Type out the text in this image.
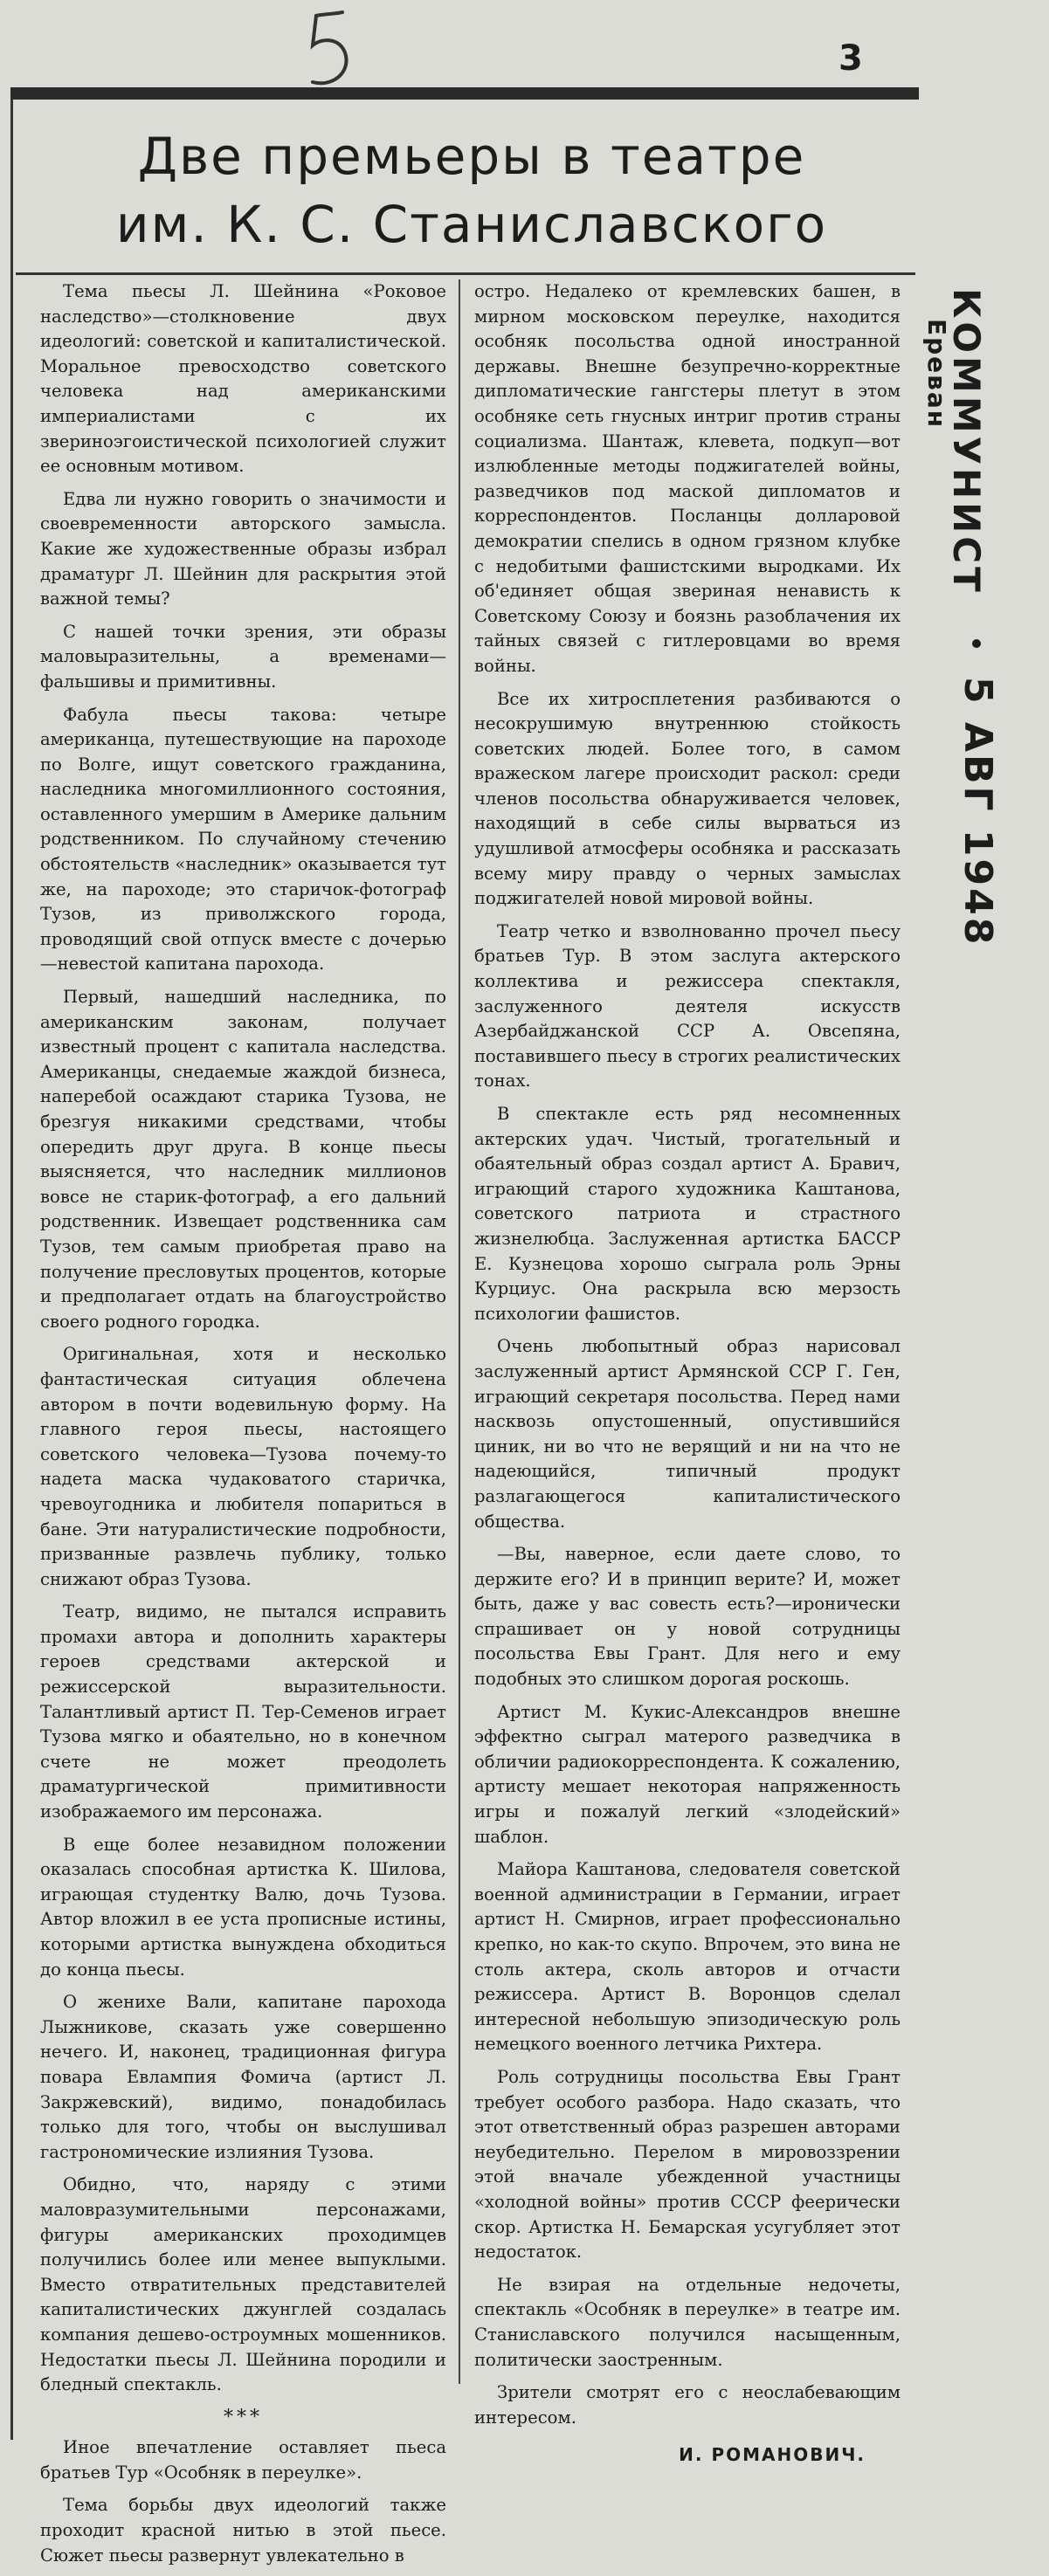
3
Две премьеры в театре
им. К. С. Станиславского

Тема пьесы Л. Шейнина «Роковое наследство»—столкновение двух идеологий: советской и капиталистической. Моральное превосходство советского человека над американскими империалистами с их звериноэгоистической психологией служит ее основным мотивом.

Едва ли нужно говорить о значимости и своевременности авторского замысла. Какие же художественные образы избрал драматург Л. Шейнин для раскрытия этой важной темы?

С нашей точки зрения, эти образы маловыразительны, а временами—фальшивы и примитивны.

Фабула пьесы такова: четыре американца, путешествующие на пароходе по Волге, ищут советского гражданина, наследника многомиллионного состояния, оставленного умершим в Америке дальним родственником. По случайному стечению обстоятельств «наследник» оказывается тут же, на пароходе; это старичок-фотограф Тузов, из приволжского города, проводящий свой отпуск вместе с дочерью—невестой капитана парохода.

Первый, нашедший наследника, по американским законам, получает известный процент с капитала наследства. Американцы, снедаемые жаждой бизнеса, наперебой осаждают старика Тузова, не брезгуя никакими средствами, чтобы опередить друг друга. В конце пьесы выясняется, что наследник миллионов вовсе не старик-фотограф, а его дальний родственник. Извещает родственника сам Тузов, тем самым приобретая право на получение пресловутых процентов, которые и предполагает отдать на благоустройство своего родного городка.

Оригинальная, хотя и несколько фантастическая ситуация облечена автором в почти водевильную форму. На главного героя пьесы, настоящего советского человека—Тузова почему-то надета маска чудаковатого старичка, чревоугодника и любителя попариться в бане. Эти натуралистические подробности, призванные развлечь публику, только снижают образ Тузова.

Театр, видимо, не пытался исправить промахи автора и дополнить характеры героев средствами актерской и режиссерской выразительности. Талантливый артист П. Тер-Семенов играет Тузова мягко и обаятельно, но в конечном счете не может преодолеть драматургической примитивности изображаемого им персонажа.

В еще более незавидном положении оказалась способная артистка К. Шилова, играющая студентку Валю, дочь Тузова. Автор вложил в ее уста прописные истины, которыми артистка вынуждена обходиться до конца пьесы.

О женихе Вали, капитане парохода Лыжникове, сказать уже совершенно нечего. И, наконец, традиционная фигура повара Евлампия Фомича (артист Л. Закржевский), видимо, понадобилась только для того, чтобы он выслушивал гастрономические излияния Тузова.

Обидно, что, наряду с этими маловразумительными персонажами, фигуры американских проходимцев получились более или менее выпуклыми. Вместо отвратительных представителей капиталистических джунглей создалась компания дешево-остроумных мошенников. Недостатки пьесы Л. Шейнина породили и бледный спектакль.

***

Иное впечатление оставляет пьеса братьев Тур «Особняк в переулке».

Тема борьбы двух идеологий также проходит красной нитью в этой пьесе. Сюжет пьесы развернут увлекательно в

остро. Недалеко от кремлевских башен, в мирном московском переулке, находится особняк посольства одной иностранной державы. Внешне безупречно-корректные дипломатические гангстеры плетут в этом особняке сеть гнусных интриг против страны социализма. Шантаж, клевета, подкуп—вот излюбленные методы поджигателей войны, разведчиков под маской дипломатов и корреспондентов. Посланцы долларовой демократии спелись в одном грязном клубке с недобитыми фашистскими выродками. Их об'единяет общая звериная ненависть к Советскому Союзу и боязнь разоблачения их тайных связей с гитлеровцами во время войны.

Все их хитросплетения разбиваются о несокрушимую внутреннюю стойкость советских людей. Более того, в самом вражеском лагере происходит раскол: среди членов посольства обнаруживается человек, находящий в себе силы вырваться из удушливой атмосферы особняка и рассказать всему миру правду о черных замыслах поджигателей новой мировой войны.

Театр четко и взволнованно прочел пьесу братьев Тур. В этом заслуга актерского коллектива и режиссера спектакля, заслуженного деятеля искусств Азербайджанской ССР А. Овсепяна, поставившего пьесу в строгих реалистических тонах.

В спектакле есть ряд несомненных актерских удач. Чистый, трогательный и обаятельный образ создал артист А. Бравич, играющий старого художника Каштанова, советского патриота и страстного жизнелюбца. Заслуженная артистка БАССР Е. Кузнецова хорошо сыграла роль Эрны Курциус. Она раскрыла всю мерзость психологии фашистов.

Очень любопытный образ нарисовал заслуженный артист Армянской ССР Г. Ген, играющий секретаря посольства. Перед нами насквозь опустошенный, опустившийся циник, ни во что не верящий и ни на что не надеющийся, типичный продукт разлагающегося капиталистического общества.

—Вы, наверное, если даете слово, то держите его? И в принцип верите? И, может быть, даже у вас совесть есть?—иронически спрашивает он у новой сотрудницы посольства Евы Грант. Для него и ему подобных это слишком дорогая роскошь.

Артист М. Кукис-Александров внешне эффектно сыграл матерого разведчика в обличии радиокорреспондента. К сожалению, артисту мешает некоторая напряженность игры и пожалуй легкий «злодейский» шаблон.

Майора Каштанова, следователя советской военной администрации в Германии, играет артист Н. Смирнов, играет профессионально крепко, но как-то скупо. Впрочем, это вина не столь актера, сколь авторов и отчасти режиссера. Артист В. Воронцов сделал интересной небольшую эпизодическую роль немецкого военного летчика Рихтера.

Роль сотрудницы посольства Евы Грант требует особого разбора. Надо сказать, что этот ответственный образ разрешен авторами неубедительно. Перелом в мировоззрении этой вначале убежденной участницы «холодной войны» против СССР феерически скор. Артистка Н. Бемарская усугубляет этот недостаток.

Не взирая на отдельные недочеты, спектакль «Особняк в переулке» в театре им. Станиславского получился насыщенным, политически заостренным.

Зрители смотрят его с неослабевающим интересом.

И. РОМАНОВИЧ.
КОММУНИСТ
Ереван
5 АВГ 1948
